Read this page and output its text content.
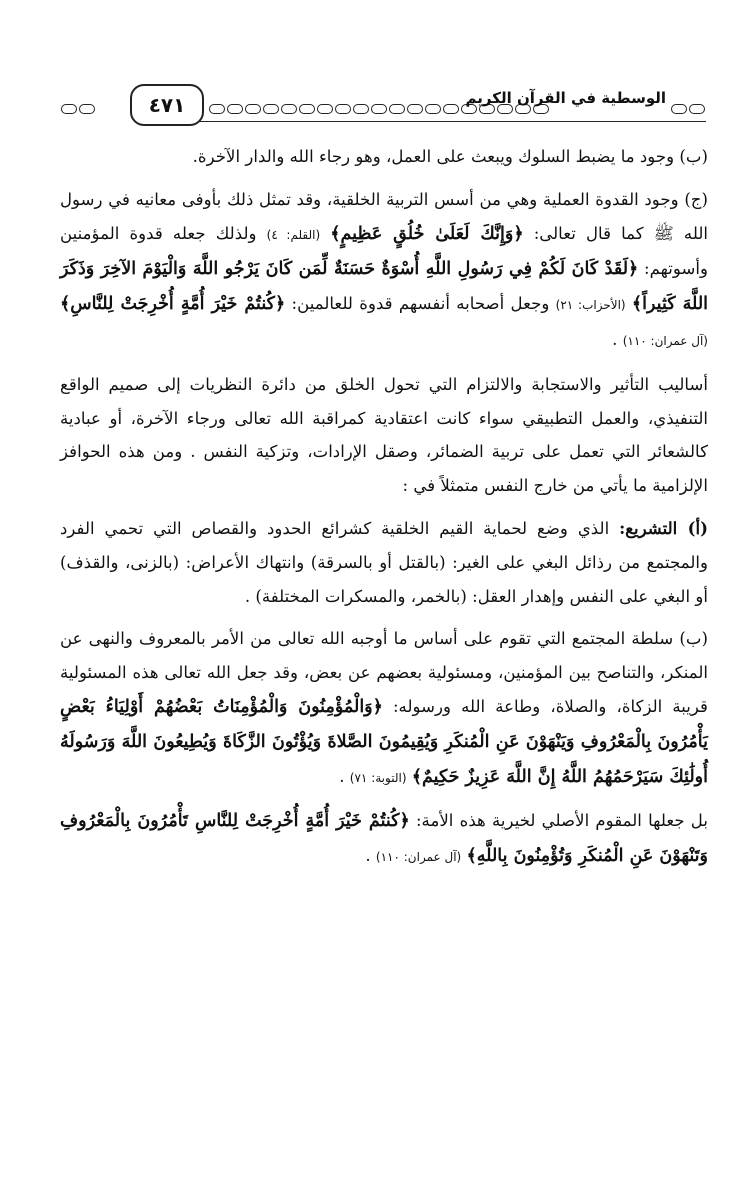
٤٧١	الوسطية في القرآن الكريم

(ب) وجود ما يضبط السلوك ويبعث على العمل، وهو رجاء الله والدار الآخرة.

(ج) وجود القدوة العملية وهي من أسس التربية الخلقية، وقد تمثل ذلك بأوفى معانيه في رسول الله ﷺ كما قال تعالى: ﴿وَإِنَّكَ لَعَلَىٰ خُلُقٍ عَظِيمٍ﴾ (القلم: ٤) ولذلك جعله قدوة المؤمنين وأسوتهم: ﴿لَقَدْ كَانَ لَكُمْ فِي رَسُولِ اللَّهِ أُسْوَةٌ حَسَنَةٌ لِّمَن كَانَ يَرْجُو اللَّهَ وَالْيَوْمَ الآخِرَ وَذَكَرَ اللَّهَ كَثِيراً﴾ (الأحزاب: ٢١) وجعل أصحابه أنفسهم قدوة للعالمين: ﴿كُنتُمْ خَيْرَ أُمَّةٍ أُخْرِجَتْ لِلنَّاسِ﴾ (آل عمران: ١١٠) .

أساليب التأثير والاستجابة والالتزام التي تحول الخلق من دائرة النظريات إلى صميم الواقع التنفيذي، والعمل التطبيقي سواء كانت اعتقادية كمراقبة الله تعالى ورجاء الآخرة، أو عبادية كالشعائر التي تعمل على تربية الضمائر، وصقل الإرادات، وتزكية النفس . ومن هذه الحوافز الإلزامية ما يأتي من خارج النفس متمثلاً في :

(أ) التشريع: الذي وضع لحماية القيم الخلقية كشرائع الحدود والقصاص التي تحمي الفرد والمجتمع من رذائل البغي على الغير: (بالقتل أو بالسرقة) وانتهاك الأعراض: (بالزنى، والقذف) أو البغي على النفس وإهدار العقل: (بالخمر، والمسكرات المختلفة) .

(ب) سلطة المجتمع التي تقوم على أساس ما أوجبه الله تعالى من الأمر بالمعروف والنهى عن المنكر، والتناصح بين المؤمنين، ومسئولية بعضهم عن بعض، وقد جعل الله تعالى هذه المسئولية قريبة الزكاة، والصلاة، وطاعة الله ورسوله: ﴿وَالْمُؤْمِنُونَ وَالْمُؤْمِنَاتُ بَعْضُهُمْ أَوْلِيَاءُ بَعْضٍ يَأْمُرُونَ بِالْمَعْرُوفِ وَيَنْهَوْنَ عَنِ الْمُنكَرِ وَيُقِيمُونَ الصَّلاةَ وَيُؤْتُونَ الزَّكَاةَ وَيُطِيعُونَ اللَّهَ وَرَسُولَهُ أُولَٰئِكَ سَيَرْحَمُهُمُ اللَّهُ إِنَّ اللَّهَ عَزِيزٌ حَكِيمٌ﴾ (التوبة: ٧١) .

بل جعلها المقوم الأصلي لخيرية هذه الأمة: ﴿كُنتُمْ خَيْرَ أُمَّةٍ أُخْرِجَتْ لِلنَّاسِ تَأْمُرُونَ بِالْمَعْرُوفِ وَتَنْهَوْنَ عَنِ الْمُنكَرِ وَتُؤْمِنُونَ بِاللَّهِ﴾ (آل عمران: ١١٠) .
